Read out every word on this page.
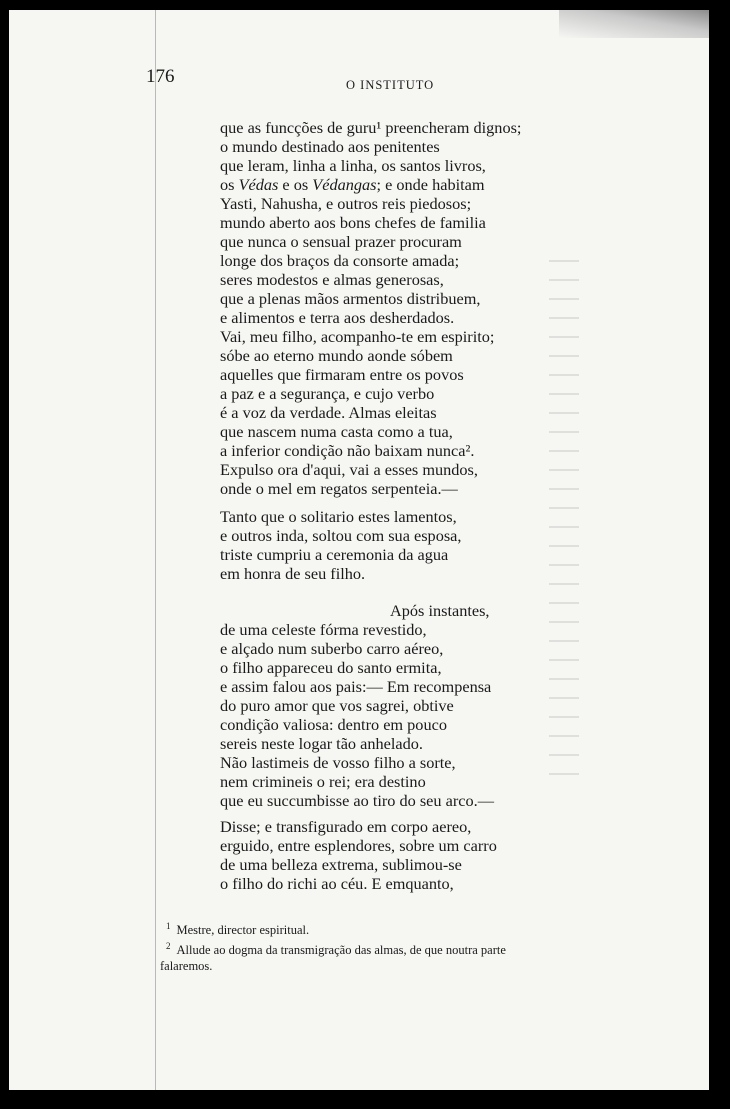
176	O INSTITUTO
que as funcções de guru¹ preencheram dignos;
o mundo destinado aos penitentes
que leram, linha a linha, os santos livros,
os Védas e os Védangas; e onde habitam
Yasti, Nahusha, e outros reis piedosos;
mundo aberto aos bons chefes de familia
que nunca o sensual prazer procuram
longe dos braços da consorte amada;
seres modestos e almas generosas,
que a plenas mãos armentos distribuem,
e alimentos e terra aos desherdados.
Vai, meu filho, acompanho-te em espirito;
sóbe ao eterno mundo aonde sóbem
aquelles que firmaram entre os povos
a paz e a segurança, e cujo verbo
é a voz da verdade. Almas eleitas
que nascem numa casta como a tua,
a inferior condição não baixam nunca².
Expulso ora d'aqui, vai a esses mundos,
onde o mel em regatos serpenteia.—
Tanto que o solitario estes lamentos,
e outros inda, soltou com sua esposa,
triste cumpriu a ceremonia da agua
em honra de seu filho.
Após instantes,
de uma celeste fórma revestido,
e alçado num suberbo carro aéreo,
o filho appareceu do santo ermita,
e assim falou aos pais:— Em recompensa
do puro amor que vos sagrei, obtive
condição valiosa: dentro em pouco
sereis neste logar tão anhelado.
Não lastimeis de vosso filho a sorte,
nem crimineis o rei; era destino
que eu succumbisse ao tiro do seu arco.—
Disse; e transfigurado em corpo aereo,
erguido, entre esplendores, sobre um carro
de uma belleza extrema, sublimou-se
o filho do richi ao céu. E emquanto,
$^1$ Mestre, director espiritual.
$^2$ Allude ao dogma da transmigração das almas, de que noutra parte
falaremos.
